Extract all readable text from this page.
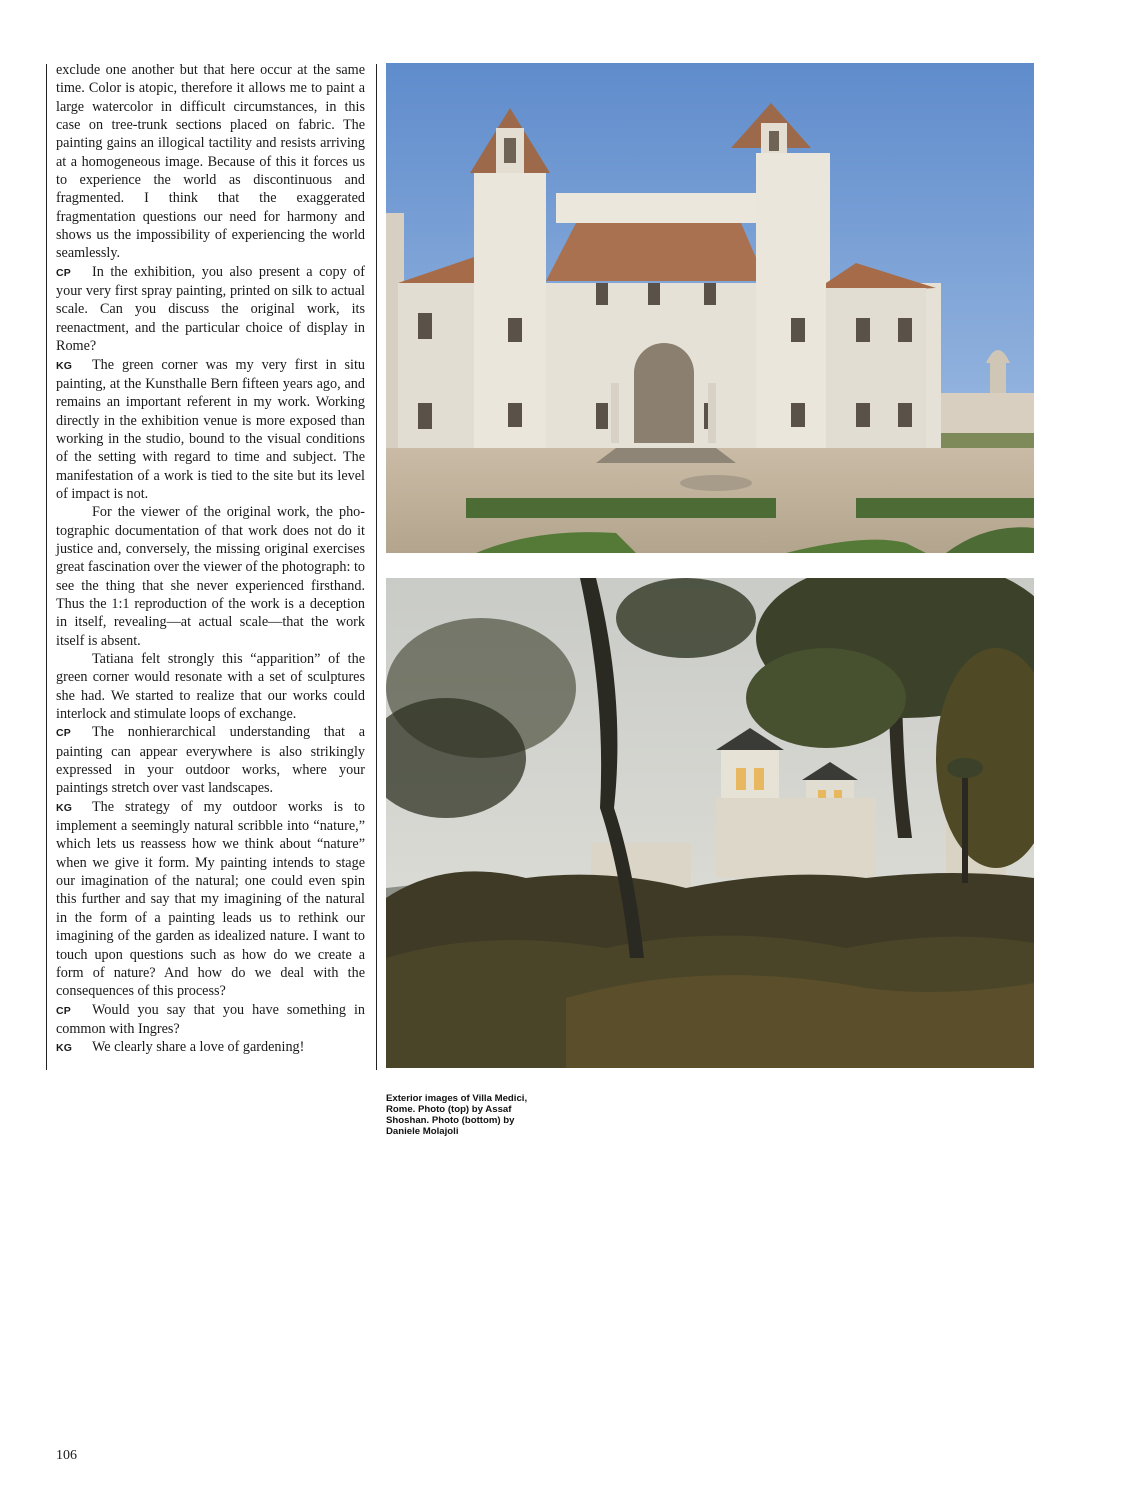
exclude one another but that here occur at the same time. Color is atopic, therefore it allows me to paint a large watercolor in difficult circumstances, in this case on tree-trunk sections placed on fabric. The painting gains an illogical tactility and resists arriving at a homogeneous image. Because of this it forces us to experience the world as discontinuous and fragmented. I think that the exaggerated fragmentation questions our need for harmony and shows us the impossibility of experiencing the world seamlessly.

CP In the exhibition, you also present a copy of your very first spray painting, printed on silk to actual scale. Can you discuss the original work, its reenactment, and the particular choice of display in Rome?

KG The green corner was my very first in situ painting, at the Kunsthalle Bern fifteen years ago, and remains an important referent in my work. Working directly in the exhibition venue is more exposed than working in the studio, bound to the visual conditions of the setting with regard to time and subject. The manifestation of a work is tied to the site but its level of impact is not.

For the viewer of the original work, the photographic documentation of that work does not do it justice and, conversely, the missing original exercises great fascination over the viewer of the photograph: to see the thing that she never experienced firsthand. Thus the 1:1 reproduction of the work is a deception in itself, revealing—at actual scale—that the work itself is absent.

Tatiana felt strongly this “apparition” of the green corner would resonate with a set of sculptures she had. We started to realize that our works could interlock and stimulate loops of exchange.

CP The nonhierarchical understanding that a painting can appear everywhere is also strikingly expressed in your outdoor works, where your paintings stretch over vast landscapes.

KG The strategy of my outdoor works is to implement a seemingly natural scribble into “nature,” which lets us reassess how we think about “nature” when we give it form. My painting intends to stage our imagination of the natural; one could even spin this further and say that my imagining of the natural in the form of a painting leads us to rethink our imagining of the garden as idealized nature. I want to touch upon questions such as how do we create a form of nature? And how do we deal with the consequences of this process?

CP Would you say that you have something in common with Ingres?

KG We clearly share a love of gardening!

Exterior images of Villa Medici, Rome. Photo (top) by Assaf Shoshan. Photo (bottom) by Daniele Molajoli
106
